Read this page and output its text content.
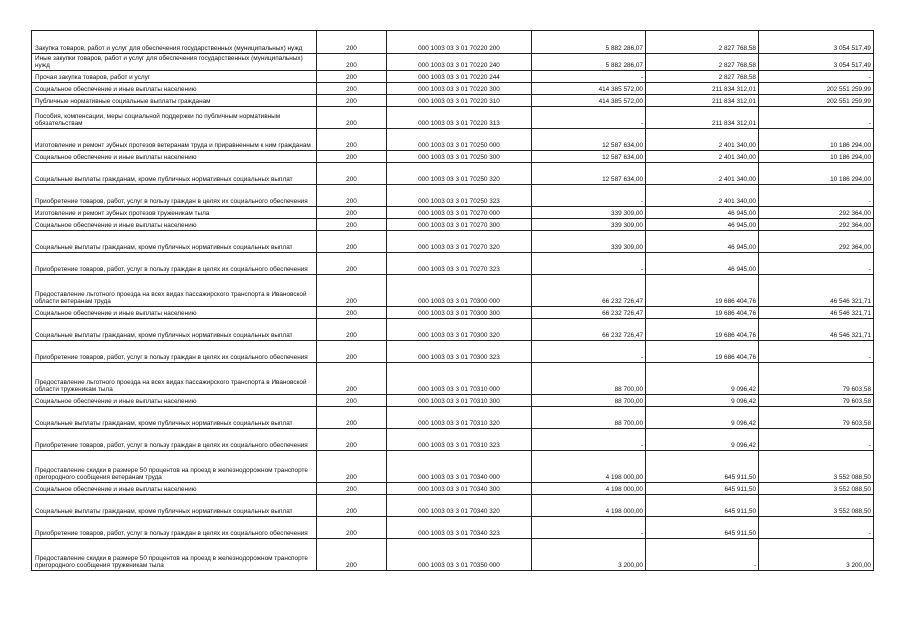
Закупка товаров, работ и услуг для обеспечения государственных (муниципальных) нужд	200	000 1003 03 3 01 70220 200	5 882 286,07	2 827 768,58	3 054 517,49
Иные закупки товаров, работ и услуг для обеспечения государственных (муниципальных) нужд	200	000 1003 03 3 01 70220 240	5 882 286,07	2 827 768,58	3 054 517,49
Прочая закупка товаров, работ и услуг	200	000 1003 03 3 01 70220 244	-	2 827 768,58	-
Социальное обеспечение и иные выплаты населению	200	000 1003 03 3 01 70220 300	414 385 572,00	211 834 312,01	202 551 259,99
Публичные нормативные социальные выплаты гражданам	200	000 1003 03 3 01 70220 310	414 385 572,00	211 834 312,01	202 551 259,99
Пособия, компенсации, меры социальной поддержки по публичным нормативным обязательствам	200	000 1003 03 3 01 70220 313	-	211 834 312,01	-
Изготовление и ремонт зубных протезов ветеранам труда и приравненным к ним гражданам	200	000 1003 03 3 01 70250 000	12 587 634,00	2 401 340,00	10 186 294,00
Социальное обеспечение и иные выплаты населению	200	000 1003 03 3 01 70250 300	12 587 634,00	2 401 340,00	10 186 294,00
Социальные выплаты гражданам, кроме публичных нормативных социальных выплат	200	000 1003 03 3 01 70250 320	12 587 634,00	2 401 340,00	10 186 294,00
Приобретение товаров, работ, услуг в пользу граждан в целях их социального обеспечения	200	000 1003 03 3 01 70250 323	-	2 401 340,00	-
Изготовление и ремонт зубных протезов труженикам тыла	200	000 1003 03 3 01 70270 000	339 309,00	46 945,00	292 364,00
Социальное обеспечение и иные выплаты населению	200	000 1003 03 3 01 70270 300	339 309,00	46 945,00	292 364,00
Социальные выплаты гражданам, кроме публичных нормативных социальных выплат	200	000 1003 03 3 01 70270 320	339 309,00	46 945,00	292 364,00
Приобретение товаров, работ, услуг в пользу граждан в целях их социального обеспечения	200	000 1003 03 3 01 70270 323	-	46 945,00	-
Предоставление льготного проезда на всех видах пассажирского транспорта в Ивановской области ветеранам труда	200	000 1003 03 3 01 70300 000	66 232 726,47	19 686 404,76	46 546 321,71
Социальное обеспечение и иные выплаты населению	200	000 1003 03 3 01 70300 300	66 232 726,47	19 686 404,76	46 546 321,71
Социальные выплаты гражданам, кроме публичных нормативных социальных выплат	200	000 1003 03 3 01 70300 320	66 232 726,47	19 686 404,76	46 546 321,71
Приобретение товаров, работ, услуг в пользу граждан в целях их социального обеспечения	200	000 1003 03 3 01 70300 323	-	19 686 404,76	-
Предоставление льготного проезда на всех видах пассажирского транспорта в Ивановской области труженикам тыла	200	000 1003 03 3 01 70310 000	88 700,00	9 096,42	79 603,58
Социальное обеспечение и иные выплаты населению	200	000 1003 03 3 01 70310 300	88 700,00	9 096,42	79 603,58
Социальные выплаты гражданам, кроме публичных нормативных социальных выплат	200	000 1003 03 3 01 70310 320	88 700,00	9 096,42	79 603,58
Приобретение товаров, работ, услуг в пользу граждан в целях их социального обеспечения	200	000 1003 03 3 01 70310 323	-	9 096,42	-
Предоставление скидки в размере 50 процентов на проезд в железнодорожном транспорте пригородного сообщения ветеранам труда	200	000 1003 03 3 01 70340 000	4 198 000,00	645 911,50	3 552 088,50
Социальное обеспечение и иные выплаты населению	200	000 1003 03 3 01 70340 300	4 198 000,00	645 911,50	3 552 088,50
Социальные выплаты гражданам, кроме публичных нормативных социальных выплат	200	000 1003 03 3 01 70340 320	4 198 000,00	645 911,50	3 552 088,50
Приобретение товаров, работ, услуг в пользу граждан в целях их социального обеспечения	200	000 1003 03 3 01 70340 323	-	645 911,50	-
Предоставление скидки в размере 50 процентов на проезд в железнодорожном транспорте пригородного сообщения труженикам тыла	200	000 1003 03 3 01 70350 000	3 200,00	-	3 200,00
